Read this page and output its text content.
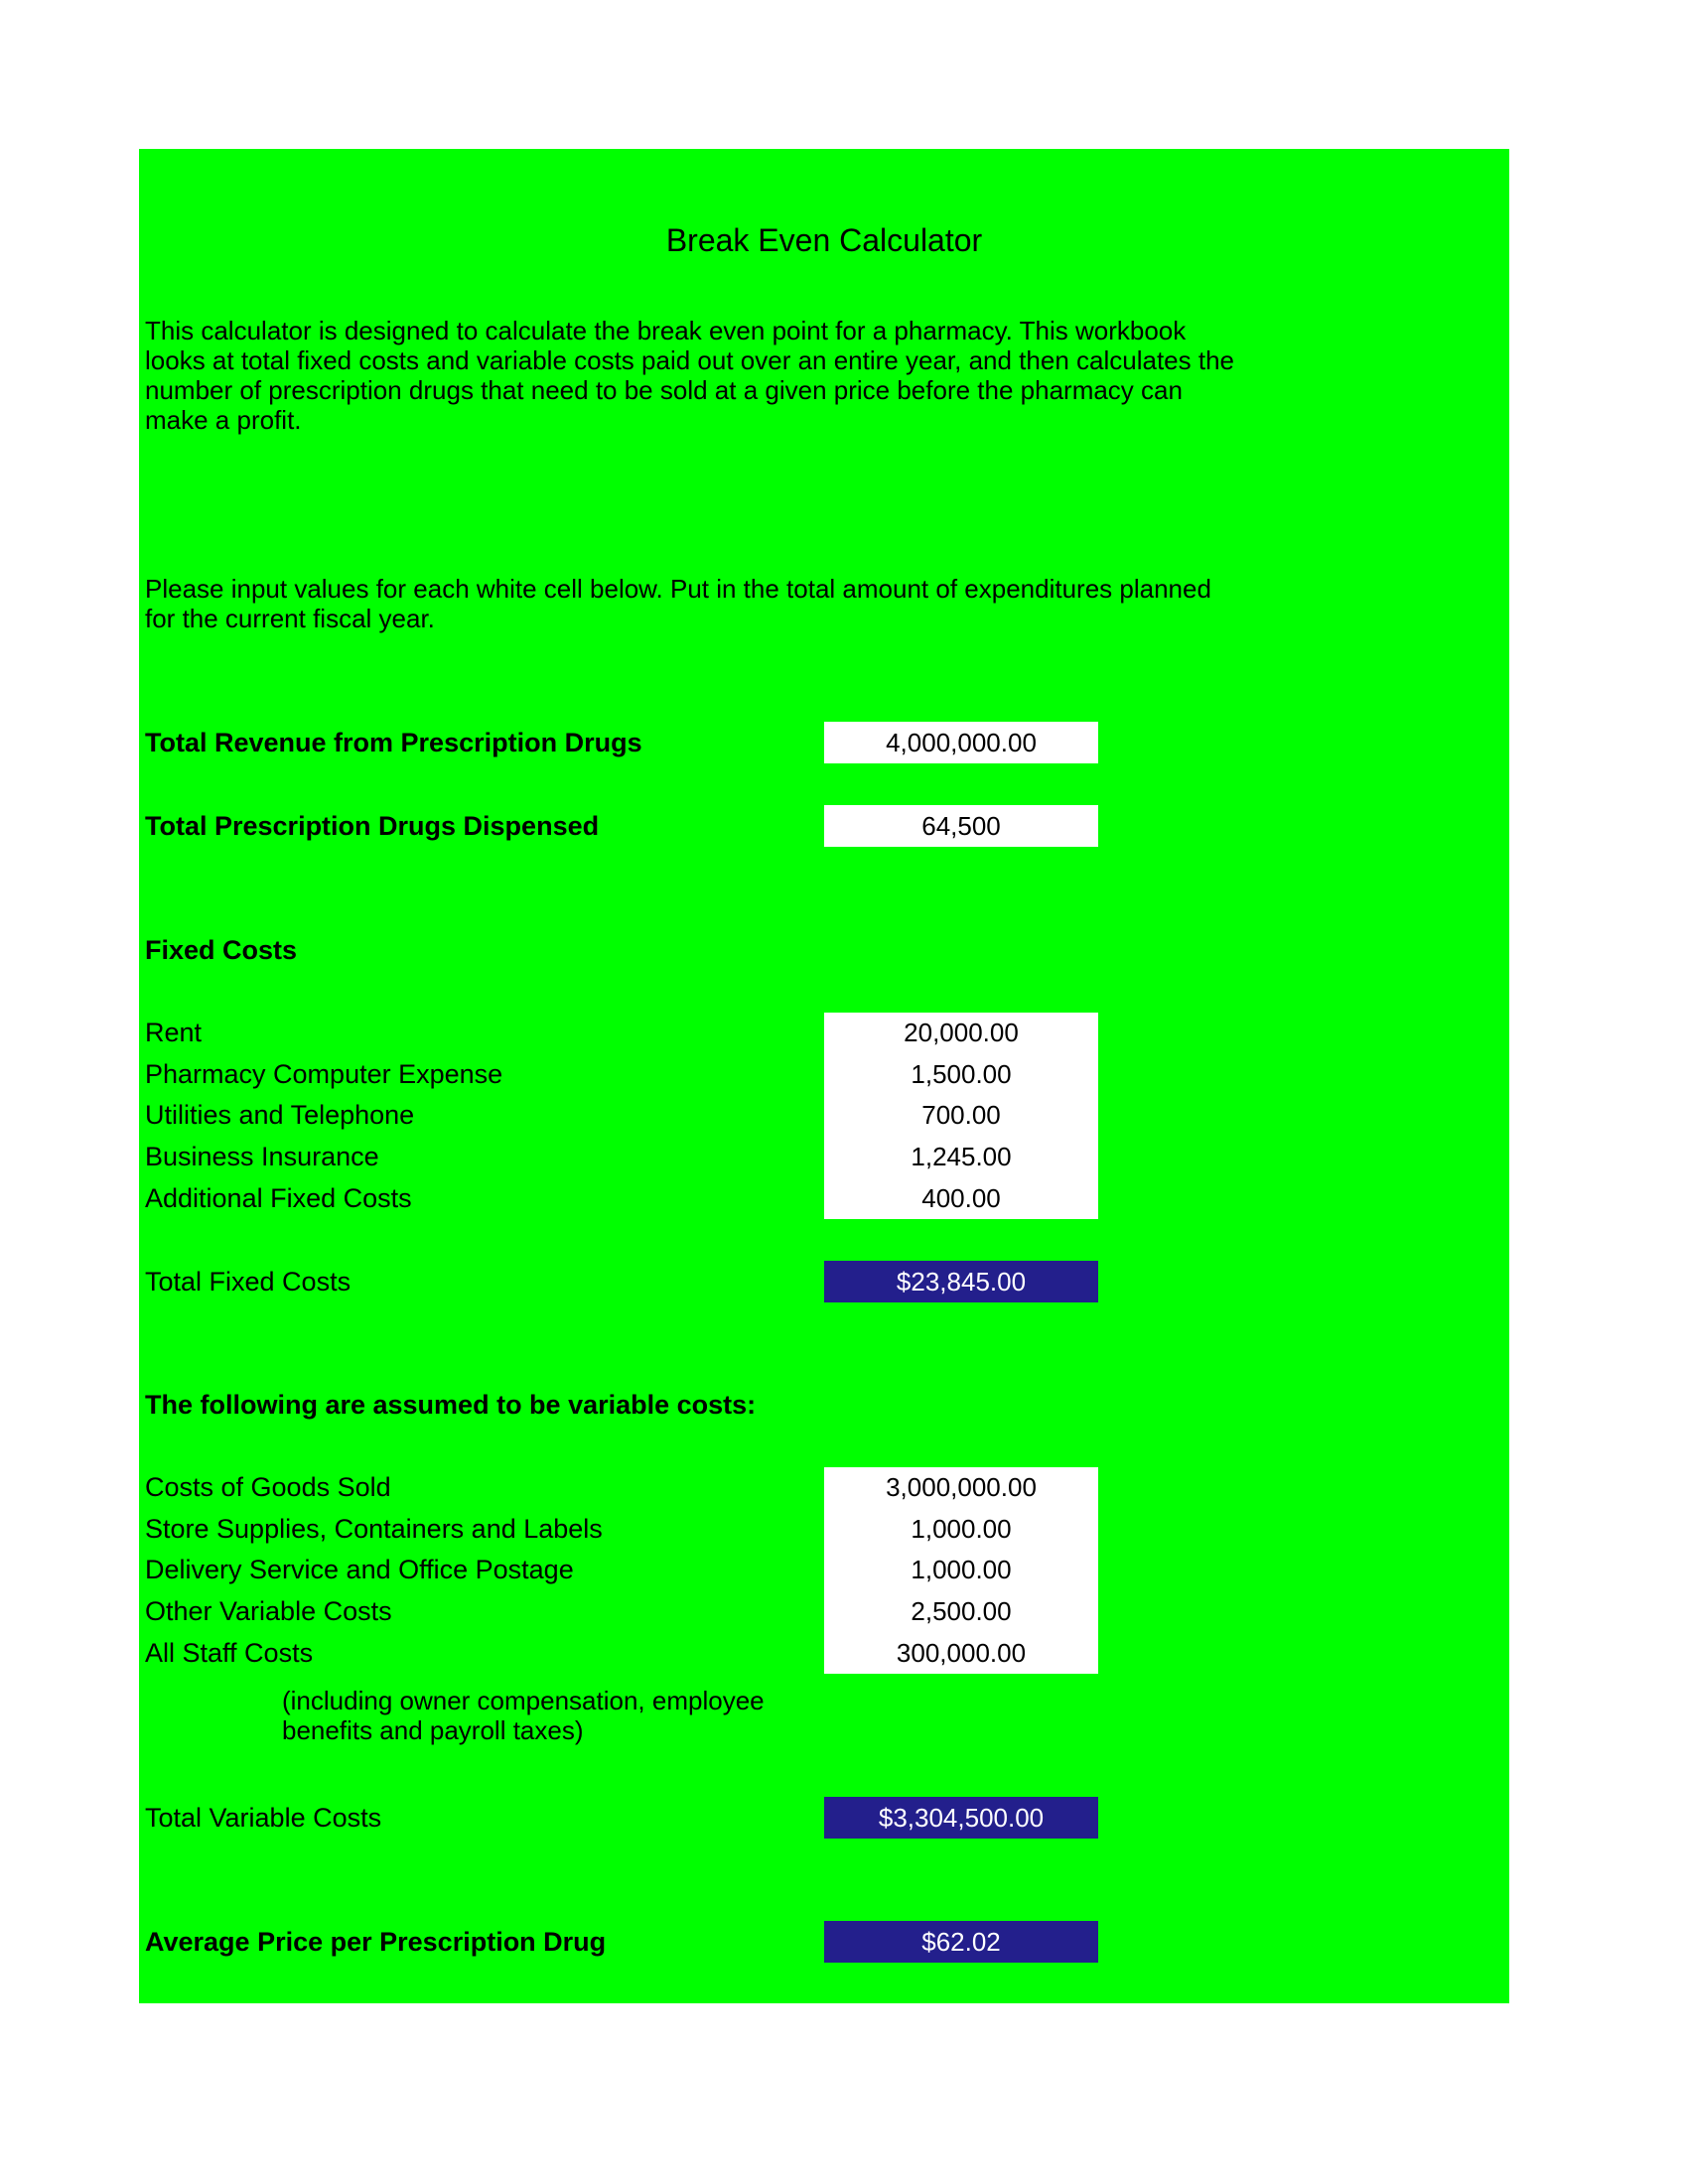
Break Even Calculator
This calculator is designed to calculate the break even point for a pharmacy. This workbook looks at total fixed costs and variable costs paid out over an entire year, and then calculates the number of prescription drugs that need to be sold at a given price before the pharmacy can make a profit.
Please input values for each white cell below. Put in the total amount of expenditures planned for the current fiscal year.
Total Revenue from Prescription Drugs	4,000,000.00
Total Prescription Drugs Dispensed	64,500
Fixed Costs
Rent	20,000.00
Pharmacy Computer Expense	1,500.00
Utilities and Telephone	700.00
Business Insurance	1,245.00
Additional Fixed Costs	400.00
Total Fixed Costs	$23,845.00
The following are assumed to be variable costs:
Costs of Goods Sold	3,000,000.00
Store Supplies, Containers and Labels	1,000.00
Delivery Service and Office Postage	1,000.00
Other Variable Costs	2,500.00
All Staff Costs	300,000.00
(including owner compensation, employee benefits and payroll taxes)
Total Variable Costs	$3,304,500.00
Average Price per Prescription Drug	$62.02
